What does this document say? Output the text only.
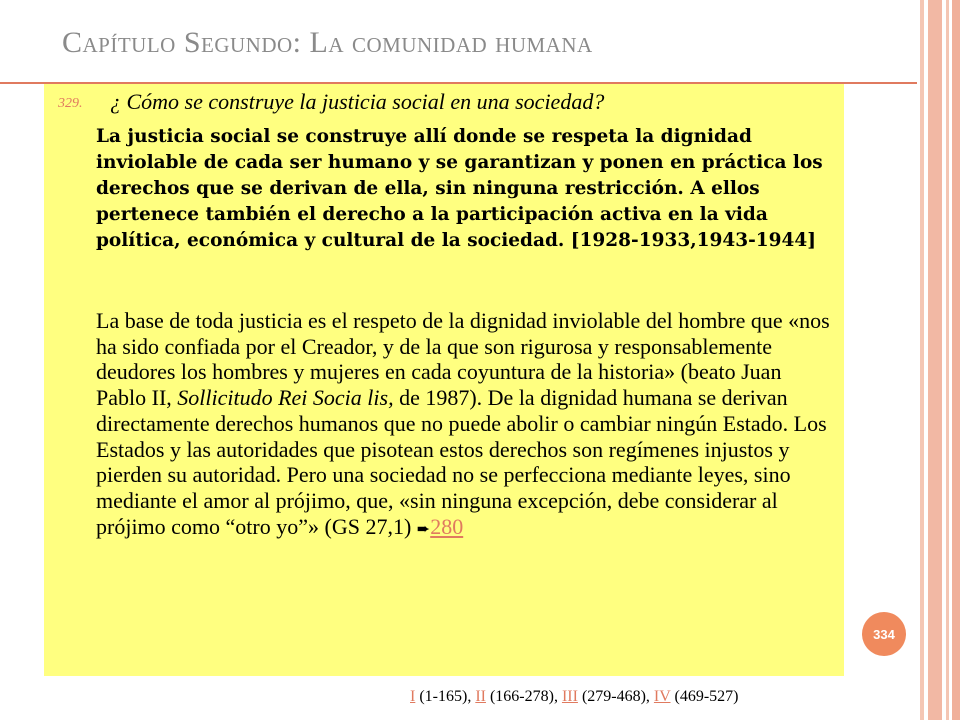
Capítulo Segundo: La comunidad humana
329. ¿ Cómo se construye la justicia social en una sociedad?

La justicia social se construye allí donde se respeta la dignidad inviolable de cada ser humano y se garantizan y ponen en práctica los derechos que se derivan de ella, sin ninguna restricción. A ellos pertenece también el derecho a la participación activa en la vida política, económica y cultural de la sociedad. [1928-1933,1943-1944]

La base de toda justicia es el respeto de la dignidad inviolable del hombre que «nos ha sido confiada por el Creador, y de la que son rigurosa y responsablemente deudores los hombres y mujeres en cada coyuntura de la historia» (beato Juan Pablo II, Sollicitudo Rei Socia lis, de 1987). De la dignidad humana se derivan directamente derechos humanos que no puede abolir o cambiar ningún Estado. Los Estados y las autoridades que pisotean estos derechos son regímenes injustos y pierden su autoridad. Pero una sociedad no se perfecciona mediante leyes, sino mediante el amor al prójimo, que, «sin ninguna excepción, debe considerar al prójimo como “otro yo”» (GS 27,1) ➨280

334
I (1-165), II (166-278), III (279-468), IV (469-527)
